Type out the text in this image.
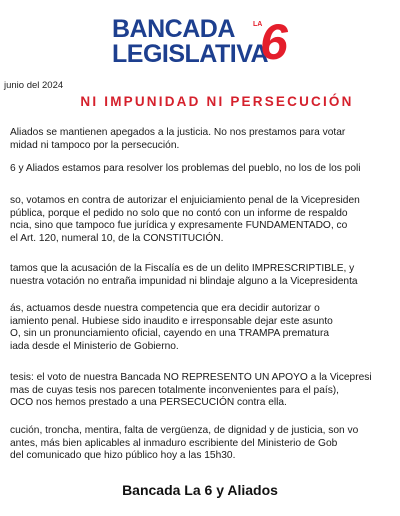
BANCADA
LEGISLATIVA
LA
6
junio del 2024
NI IMPUNIDAD NI PERSECUCIÓN
Aliados se mantienen apegados a la justicia. No nos prestamos para votar
midad ni tampoco por la persecución.
6 y Aliados estamos para resolver los problemas del pueblo, no los de los poli
so, votamos en contra de autorizar el enjuiciamiento penal de la Vicepresiden
pública, porque el pedido no solo que no contó con un informe de respaldo
ncia, sino que tampoco fue jurídica y expresamente FUNDAMENTADO, co
el Art. 120, numeral 10, de la CONSTITUCIÓN.
tamos que la acusación de la Fiscalía es de un delito IMPRESCRIPTIBLE, y
nuestra votación no entraña impunidad ni blindaje alguno a la Vicepresidenta
ás, actuamos desde nuestra competencia que era decidir autorizar o
iamiento penal. Hubiese sido inaudito e irresponsable dejar este asunto
O, sin un pronunciamiento oficial, cayendo en una TRAMPA prematura
iada desde el Ministerio de Gobierno.
tesis: el voto de nuestra Bancada NO REPRESENTÓ UN APOYO a la Vicepresi
mas de cuyas tesis nos parecen totalmente inconvenientes para el país),
OCO nos hemos prestado a una PERSECUCIÓN contra ella.
cución, troncha, mentira, falta de vergüenza, de dignidad y de justicia, son vo
antes, más bien aplicables al inmaduro escribiente del Ministerio de Gob
del comunicado que hizo público hoy a las 15h30.
Bancada La 6 y Aliados
